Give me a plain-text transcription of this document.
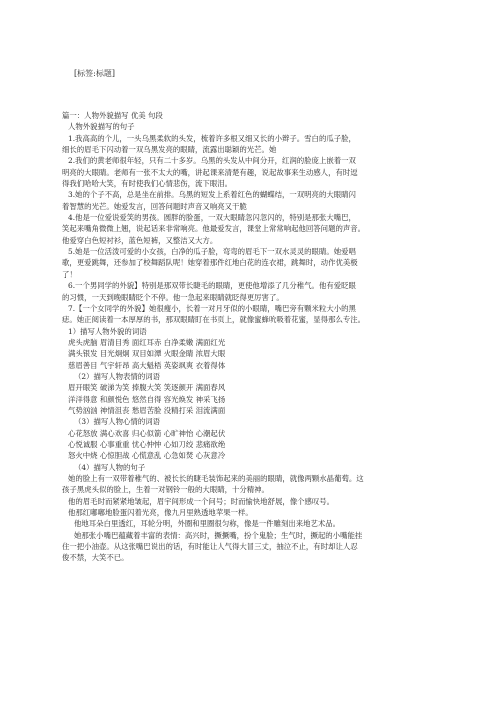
[标签:标题]
篇一：人物外貌描写 优美 句段
人物外貌描写的句子
1.我高高的个儿，一头乌黑柔软的头发，梳着许多根又细又长的小辫子。雪白的瓜子脸，
细长的眉毛下闪动着一双乌黑发亮的眼睛，流露出聪颖的光芒。她
2.我们的黄老师很年轻，只有二十多岁。乌黑的头发从中间分开，红润的脸庞上嵌着一双
明亮的大眼睛。老师有一张不太大的嘴，讲起课来清楚有趣，说起故事来生动感人，有时逗
得我们哈哈大笑，有时使我们心情悲伤，流下眼泪。
3.她的个子不高，总是坐在前排。乌黑的短发上系着红色的蝴蝶结，一双明亮的大眼睛闪
着智慧的光芒。她爱发言，回答问题时声音又响亮又干脆
4.他是一位爱说爱笑的男孩。圆胖的脸蛋，一双大眼睛忽闪忽闪的，特别是那张大嘴巴，
笑起来嘴角微微上翘，说起话来非常响亮。他最爱发言，课堂上常常响起他回答问题的声音。
他爱穿白色短衬衫，蓝色短裤，又整洁又大方。
5.她是一位活泼可爱的小女孩，白净的瓜子脸，弯弯的眉毛下一双水灵灵的眼睛。她爱唱
歌，更爱跳舞，还参加了校舞蹈队呢！她穿着那件红地白花的连衣裙，跳舞时，动作优美极
了！
6.一个男同学的外貌】特别是那双带长睫毛的眼睛，更使他增添了几分稚气。他有爱眨眼
的习惯，一天到晚眼睛眨个不停。他一急起来眼睛就眨得更厉害了。
7.【一个女同学的外貌】她很瘦小，长着一对月牙似的小眼睛，嘴巴旁有颗米粒大小的黑
痣。她正阅读着一本厚厚的书，那双眼睛盯在书页上，就像蜜蜂吮吸着花蜜，显得那么专注。
1）描写人物外貌的词语
虎头虎脑 眉清目秀 面红耳赤 白净柔嫩 满面红光
满头银发 目光炯炯 双目如潭 火眼金睛 浓眉大眼
慈眉善目 气宇轩昂 高大魁梧 英姿飒爽 衣着得体
（2）描写人物表情的词语
眉开眼笑 破涕为笑 捧腹大笑 笑逐颜开 满面春风
洋洋得意 和颜悦色 悠然自得 容光焕发 神采飞扬
气势汹汹 神情沮丧 愁眉苦脸 没精打采 泪流满面
（3）描写人物心情的词语
心花怒放 满心欢喜 归心似箭 心旷神怡 心潮起伏
心悦诚服 心事重重 忧心忡忡 心如刀绞 悲痛欲绝
怒火中烧 心惊胆战 心慌意乱 心急如焚 心灰意冷
（4）描写人物的句子
她的脸上有一双带着稚气的、被长长的睫毛装饰起来的美丽的眼睛，就像两颗水晶葡萄。这
孩子黑虎头似的脸上，生着一对钢铃一般的大眼睛，十分精神。
他的眉毛时而紧紧地皱起，眉宇间形成一个问号；时而愉快地舒展，像个感叹号。
他那红嘟嘟地脸蛋闪着光亮，像九月里熟透地苹果一样。
他地耳朵白里透红，耳轮分明，外圈和里圈很匀称，像是一件雕刻出来地艺术品。
她那张小嘴巴蕴藏着丰富的表情：高兴时，撅撅嘴，扮个鬼脸；生气时，撅起的小嘴能挂
住一把小油壶。从这张嘴巴说出的话，有时能让人气得大冒三丈，抽泣不止，有时却让人忍
俊不禁，大笑不已。
